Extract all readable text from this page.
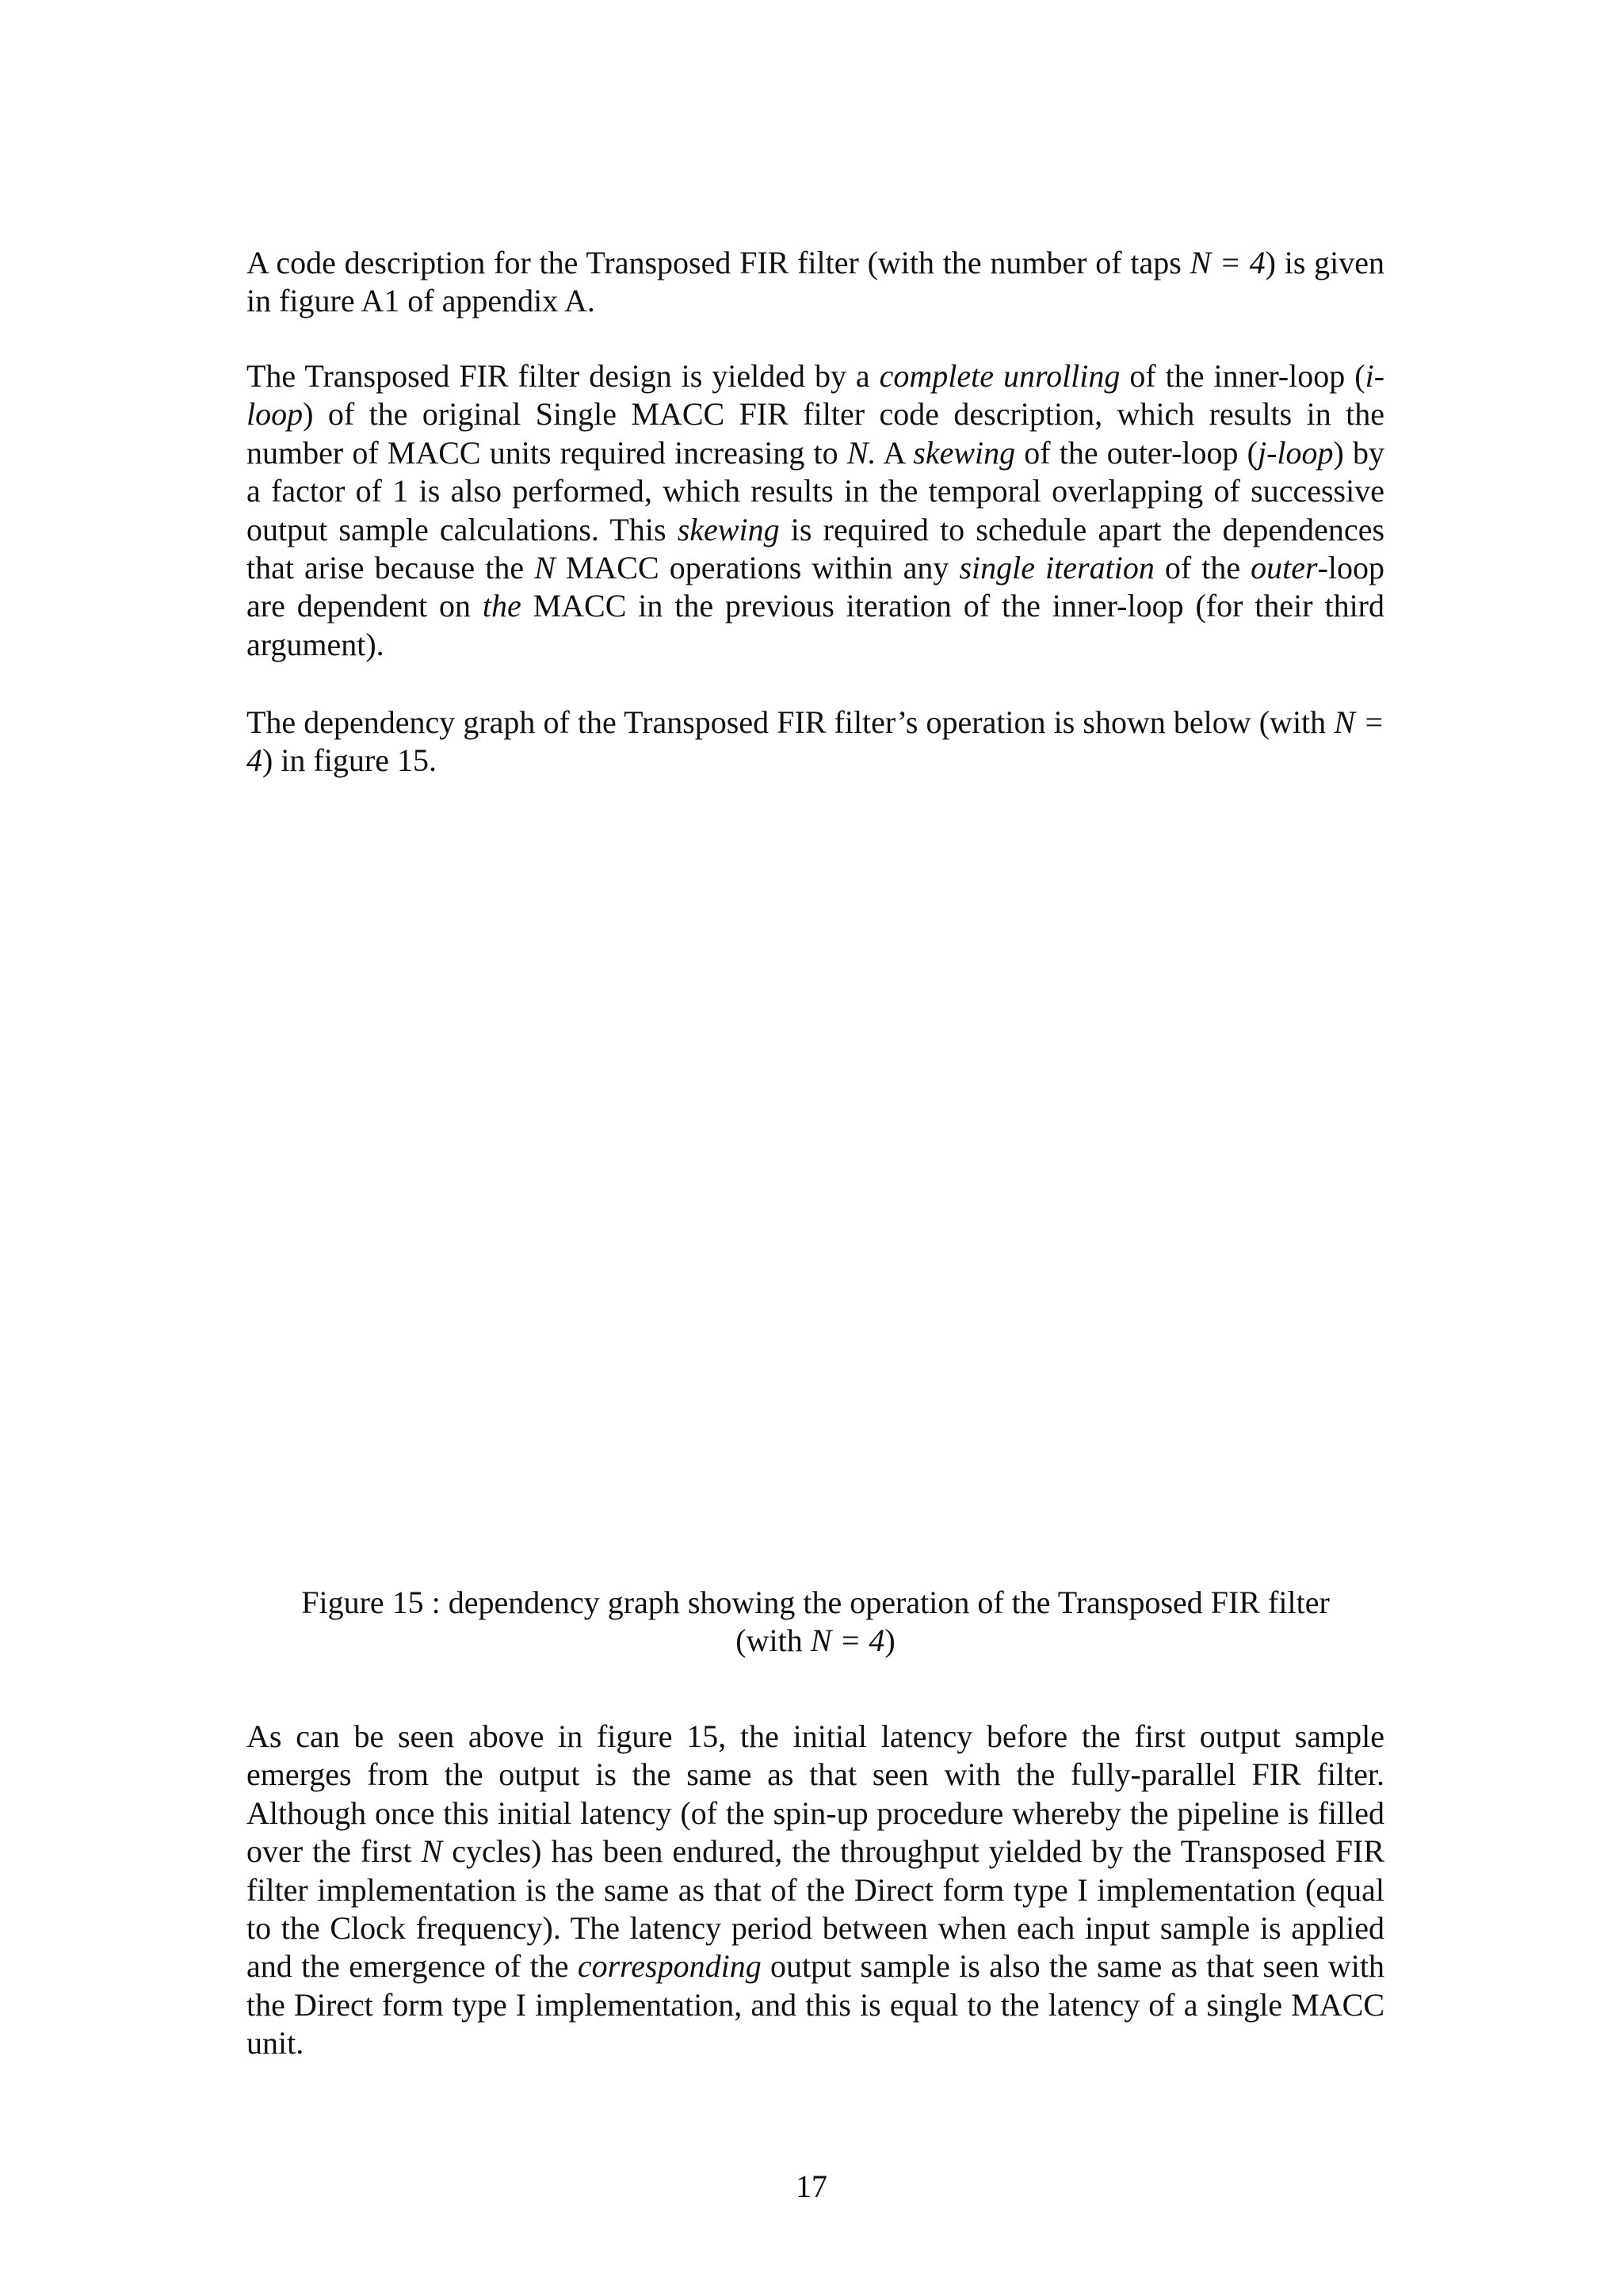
A code description for the Transposed FIR filter (with the number of taps N = 4) is given in figure A1 of appendix A.

The Transposed FIR filter design is yielded by a complete unrolling of the inner-loop (i-loop) of the original Single MACC FIR filter code description, which results in the number of MACC units required increasing to N. A skewing of the outer-loop (j-loop) by a factor of 1 is also performed, which results in the temporal overlapping of successive output sample calculations. This skewing is required to schedule apart the dependences that arise because the N MACC operations within any single iteration of the outer-loop are dependent on the MACC in the previous iteration of the inner-loop (for their third argument).

The dependency graph of the Transposed FIR filter’s operation is shown below (with N = 4) in figure 15.

Figure 15 : dependency graph showing the operation of the Transposed FIR filter
(with N = 4)

As can be seen above in figure 15, the initial latency before the first output sample emerges from the output is the same as that seen with the fully-parallel FIR filter. Although once this initial latency (of the spin-up procedure whereby the pipeline is filled over the first N cycles) has been endured, the throughput yielded by the Transposed FIR filter implementation is the same as that of the Direct form type I implementation (equal to the Clock frequency). The latency period between when each input sample is applied and the emergence of the corresponding output sample is also the same as that seen with the Direct form type I implementation, and this is equal to the latency of a single MACC unit.

17
